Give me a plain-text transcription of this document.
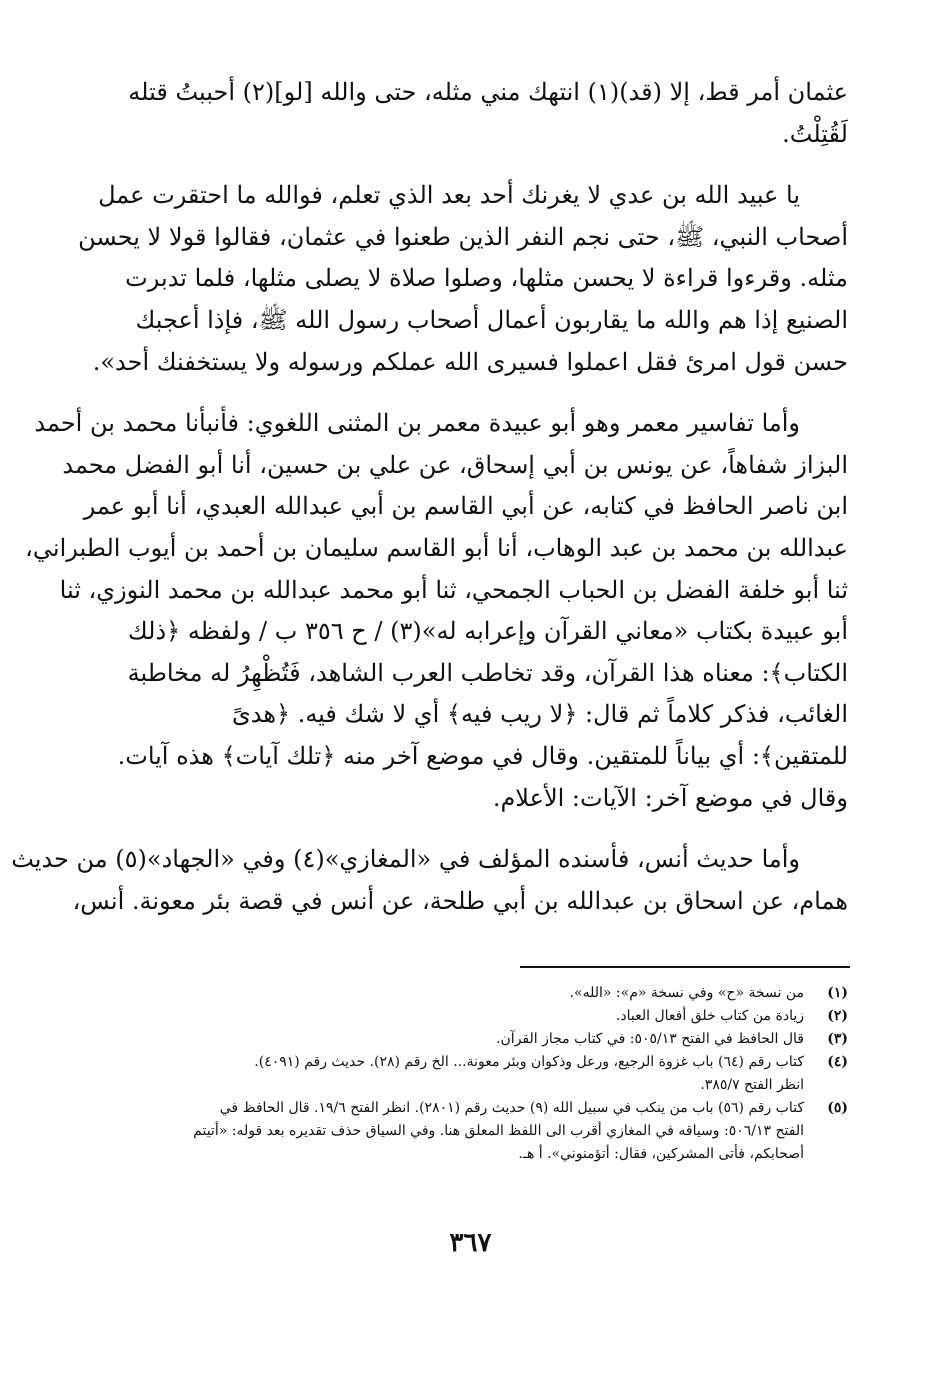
عثمان أمر قط، إلا (قد)(١) انتهك مني مثله، حتى والله [لو](٢) أحببتُ قتله
لَقُتِلْتُ.
يا عبيد الله بن عدي لا يغرنك أحد بعد الذي تعلم، فوالله ما احتقرت عمل
أصحاب النبي، ﷺ، حتى نجم النفر الذين طعنوا في عثمان، فقالوا قولا لا يحسن
مثله. وقرءوا قراءة لا يحسن مثلها، وصلوا صلاة لا يصلى مثلها، فلما تدبرت
الصنيع إذا هم والله ما يقاربون أعمال أصحاب رسول الله ﷺ، فإذا أعجبك
حسن قول امرئ فقل اعملوا فسيرى الله عملكم ورسوله ولا يستخفنك أحد».
وأما تفاسير معمر وهو أبو عبيدة معمر بن المثنى اللغوي: فأنبأنا محمد بن أحمد
البزاز شفاهاً، عن يونس بن أبي إسحاق، عن علي بن حسين، أنا أبو الفضل محمد
ابن ناصر الحافظ في كتابه، عن أبي القاسم بن أبي عبدالله العبدي، أنا أبو عمر
عبدالله بن محمد بن عبد الوهاب، أنا أبو القاسم سليمان بن أحمد بن أيوب الطبراني،
ثنا أبو خلفة الفضل بن الحباب الجمحي، ثنا أبو محمد عبدالله بن محمد النوزي، ثنا
أبو عبيدة بكتاب «معاني القرآن وإعرابه له»(٣) / ح ٣٥٦ ب / ولفظه ﴿ذلك
الكتاب﴾: معناه هذا القرآن، وقد تخاطب العرب الشاهد، فَتُظْهِرُ له مخاطبة
الغائب، فذكر كلاماً ثم قال: ﴿لا ريب فيه﴾ أي لا شك فيه. ﴿هدىً
للمتقين﴾: أي بياناً للمتقين. وقال في موضع آخر منه ﴿تلك آيات﴾ هذه آيات.
وقال في موضع آخر: الآيات: الأعلام.
وأما حديث أنس، فأسنده المؤلف في «المغازي»(٤) وفي «الجهاد»(٥) من حديث
همام، عن اسحاق بن عبدالله بن أبي طلحة، عن أنس في قصة بئر معونة. أنس،
(١)
من نسخة «ح» وفي نسخة «م»: «الله».
(٢)
زيادة من كتاب خلق أفعال العباد.
(٣)
قال الحافظ في الفتح ٥٠٥/١٣: في كتاب مجاز القرآن.
(٤)
كتاب رقم (٦٤) باب غزوة الرجيع، ورعل وذكوان وبئر معونة... الخ رقم (٢٨). حديث رقم (٤٠٩١).
انظر الفتح ٣٨٥/٧.
(٥)
كتاب رقم (٥٦) باب من ينكب في سبيل الله (٩) حديث رقم (٢٨٠١). انظر الفتح ١٩/٦. قال الحافظ في
الفتح ٥٠٦/١٣: وسياقه في المغازي أقرب الى اللفظ المعلق هنا. وفي السياق حذف تقديره بعد قوله: «أتيتم
أصحابكم، فأتى المشركين، فقال: أتؤمنوني». أ هـ.
٣٦٧
